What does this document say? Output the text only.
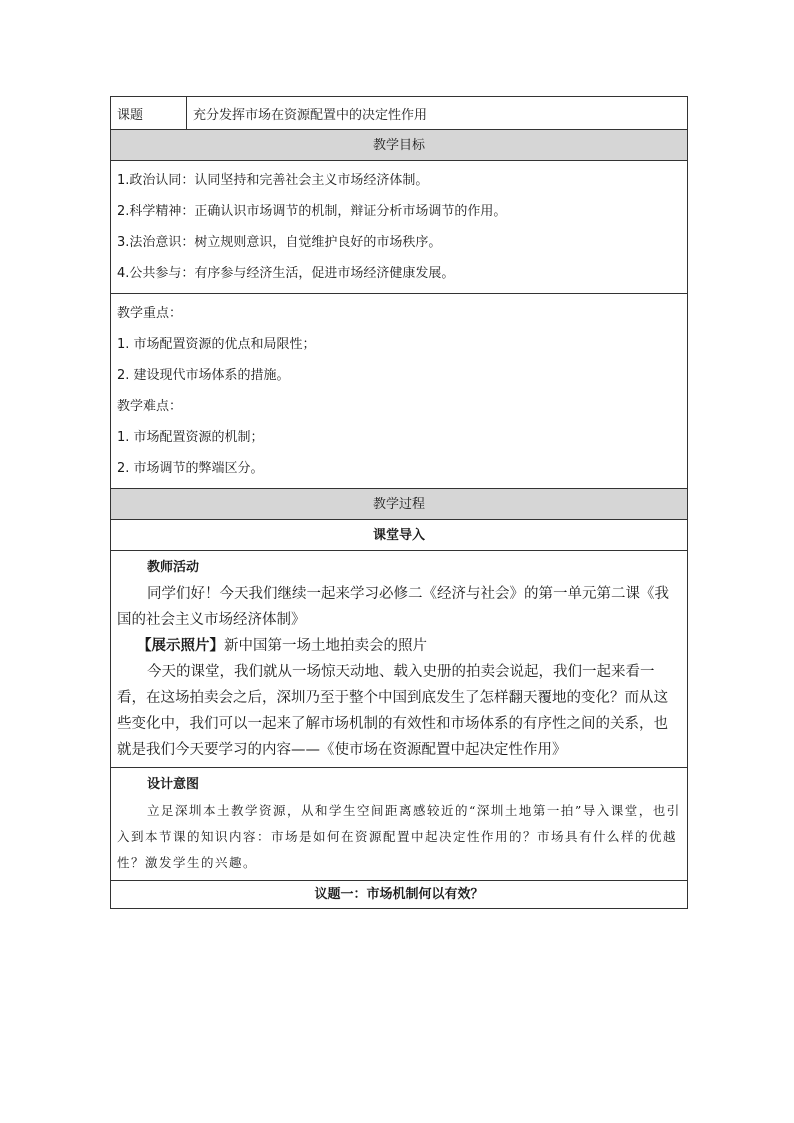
课题	充分发挥市场在资源配置中的决定性作用
教学目标
1.政治认同：认同坚持和完善社会主义市场经济体制。
2.科学精神：正确认识市场调节的机制，辩证分析市场调节的作用。
3.法治意识：树立规则意识，自觉维护良好的市场秩序。
4.公共参与：有序参与经济生活，促进市场经济健康发展。
教学重点：
1. 市场配置资源的优点和局限性；
2. 建设现代市场体系的措施。
教学难点：
1. 市场配置资源的机制；
2. 市场调节的弊端区分。
教学过程
课堂导入
教师活动

同学们好！今天我们继续一起来学习必修二《经济与社会》的第一单元第二课《我国的社会主义市场经济体制》

【展示照片】新中国第一场土地拍卖会的照片

今天的课堂，我们就从一场惊天动地、载入史册的拍卖会说起，我们一起来看一看，在这场拍卖会之后，深圳乃至于整个中国到底发生了怎样翻天覆地的变化？而从这些变化中，我们可以一起来了解市场机制的有效性和市场体系的有序性之间的关系，也就是我们今天要学习的内容——《使市场在资源配置中起决定性作用》

设计意图

立足深圳本土教学资源，从和学生空间距离感较近的“深圳土地第一拍”导入课堂，也引入到本节课的知识内容：市场是如何在资源配置中起决定性作用的？市场具有什么样的优越性？激发学生的兴趣。

议题一：市场机制何以有效？
